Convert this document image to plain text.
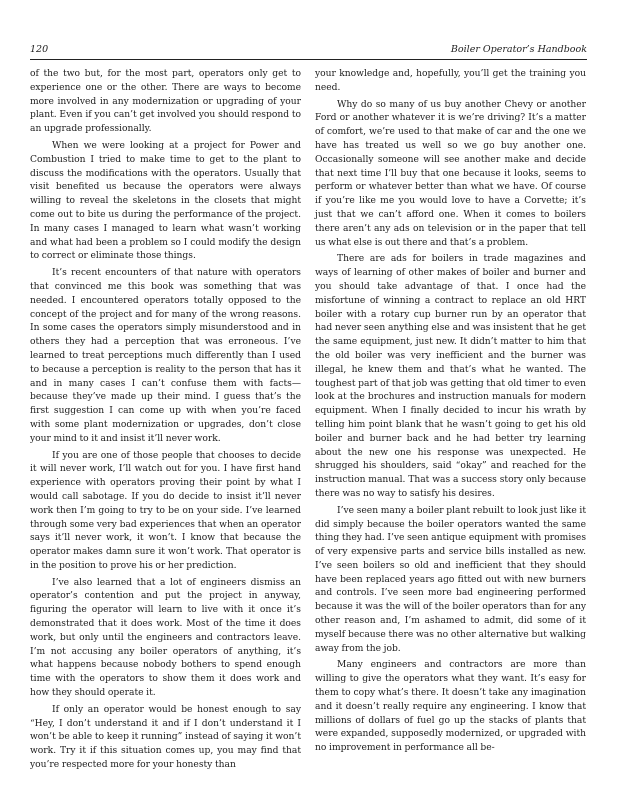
120	Boiler Operator’s Handbook

of the two but, for the most part, operators only get to experience one or the other. There are ways to become more involved in any modernization or upgrading of your plant. Even if you can’t get involved you should respond to an upgrade professionally.

When we were looking at a project for Power and Combustion I tried to make time to get to the plant to discuss the modifications with the operators. Usually that visit benefited us because the operators were always willing to reveal the skeletons in the closets that might come out to bite us during the performance of the project. In many cases I managed to learn what wasn’t working and what had been a problem so I could modify the design to correct or eliminate those things.

It’s recent encounters of that nature with operators that convinced me this book was something that was needed. I encountered operators totally opposed to the concept of the project and for many of the wrong reasons. In some cases the operators simply misunderstood and in others they had a perception that was erroneous. I’ve learned to treat perceptions much differently than I used to because a perception is reality to the person that has it and in many cases I can’t confuse them with facts—because they’ve made up their mind. I guess that’s the first suggestion I can come up with when you’re faced with some plant modernization or upgrades, don’t close your mind to it and insist it’ll never work.

If you are one of those people that chooses to decide it will never work, I’ll watch out for you. I have first hand experience with operators proving their point by what I would call sabotage. If you do decide to insist it’ll never work then I’m going to try to be on your side. I’ve learned through some very bad experiences that when an operator says it’ll never work, it won’t. I know that because the operator makes damn sure it won’t work. That operator is in the position to prove his or her prediction.

I’ve also learned that a lot of engineers dismiss an operator’s contention and put the project in anyway, figuring the operator will learn to live with it once it’s demonstrated that it does work. Most of the time it does work, but only until the engineers and contractors leave. I’m not accusing any boiler operators of anything, it’s what happens because nobody bothers to spend enough time with the operators to show them it does work and how they should operate it.

If only an operator would be honest enough to say “Hey, I don’t understand it and if I don’t understand it I won’t be able to keep it running” instead of saying it won’t work. Try it if this situation comes up, you may find that you’re respected more for your honesty than

your knowledge and, hopefully, you’ll get the training you need.

Why do so many of us buy another Chevy or another Ford or another whatever it is we’re driving? It’s a matter of comfort, we’re used to that make of car and the one we have has treated us well so we go buy another one. Occasionally someone will see another make and decide that next time I’ll buy that one because it looks, seems to perform or whatever better than what we have. Of course if you’re like me you would love to have a Corvette; it’s just that we can’t afford one. When it comes to boilers there aren’t any ads on television or in the paper that tell us what else is out there and that’s a problem.

There are ads for boilers in trade magazines and ways of learning of other makes of boiler and burner and you should take advantage of that. I once had the misfortune of winning a contract to replace an old HRT boiler with a rotary cup burner run by an operator that had never seen anything else and was insistent that he get the same equipment, just new. It didn’t matter to him that the old boiler was very inefficient and the burner was illegal, he knew them and that’s what he wanted. The toughest part of that job was getting that old timer to even look at the brochures and instruction manuals for modern equipment. When I finally decided to incur his wrath by telling him point blank that he wasn’t going to get his old boiler and burner back and he had better try learning about the new one his response was unexpected. He shrugged his shoulders, said “okay” and reached for the instruction manual. That was a success story only because there was no way to satisfy his desires.

I’ve seen many a boiler plant rebuilt to look just like it did simply because the boiler operators wanted the same thing they had. I’ve seen antique equipment with promises of very expensive parts and service bills installed as new. I’ve seen boilers so old and inefficient that they should have been replaced years ago fitted out with new burners and controls. I’ve seen more bad engineering performed because it was the will of the boiler operators than for any other reason and, I’m ashamed to admit, did some of it myself because there was no other alternative but walking away from the job.

Many engineers and contractors are more than willing to give the operators what they want. It’s easy for them to copy what’s there. It doesn’t take any imagination and it doesn’t really require any engineering. I know that millions of dollars of fuel go up the stacks of plants that were expanded, supposedly modernized, or upgraded with no improvement in performance all be-
